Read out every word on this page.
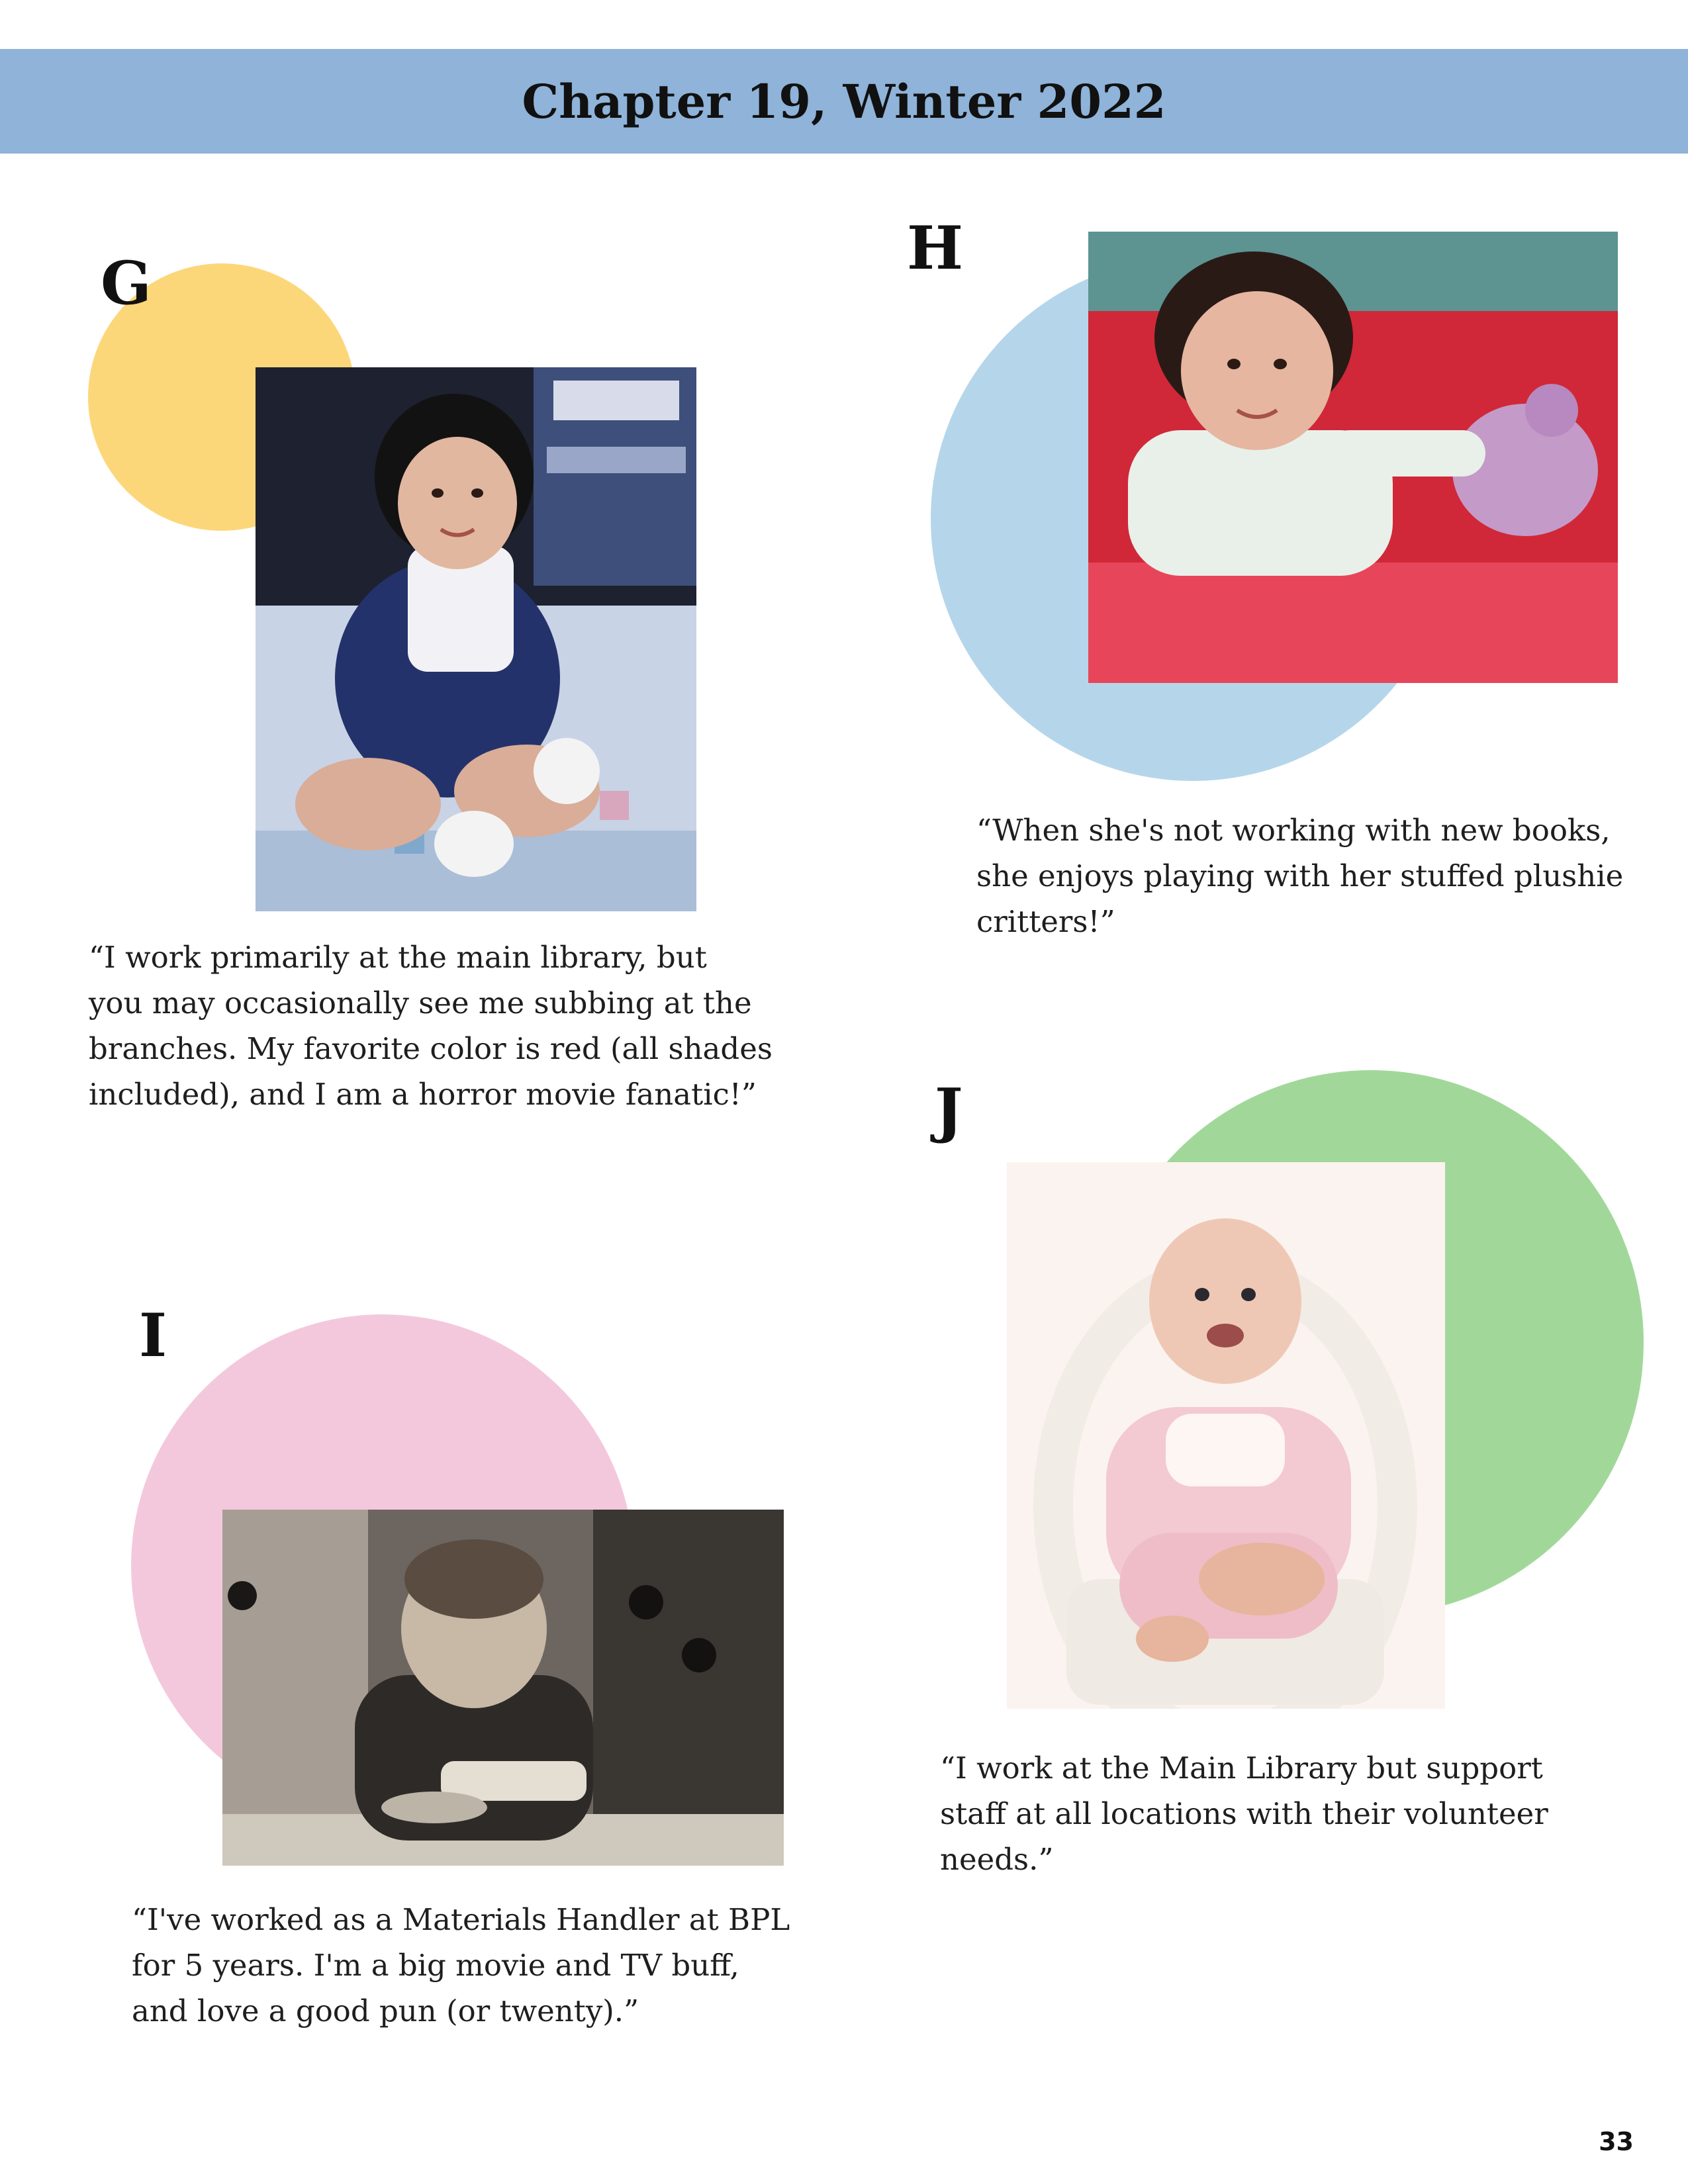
Chapter 19, Winter 2022
G
“I work primarily at the main library, but
you may occasionally see me subbing at the
branches. My favorite color is red (all shades
included), and I am a horror movie fanatic!”
H
“When she's not working with new books,
she enjoys playing with her stuffed plushie
critters!”
I
“I've worked as a Materials Handler at BPL
for 5 years. I'm a big movie and TV buff,
and love a good pun (or twenty).”
J
“I work at the Main Library but support
staff at all locations with their volunteer
needs.”
33
